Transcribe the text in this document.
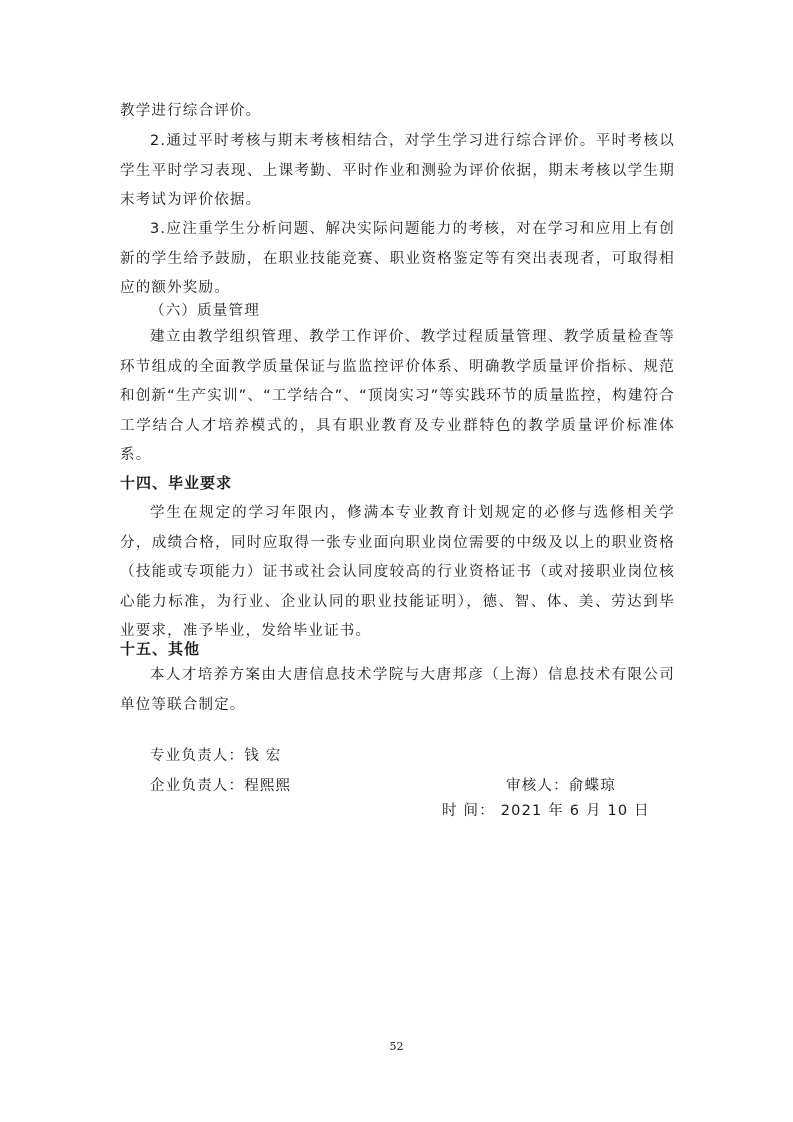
教学进行综合评价。

2.通过平时考核与期末考核相结合，对学生学习进行综合评价。平时考核以学生平时学习表现、上课考勤、平时作业和测验为评价依据，期末考核以学生期末考试为评价依据。

3.应注重学生分析问题、解决实际问题能力的考核，对在学习和应用上有创新的学生给予鼓励，在职业技能竞赛、职业资格鉴定等有突出表现者，可取得相应的额外奖励。

（六）质量管理

建立由教学组织管理、教学工作评价、教学过程质量管理、教学质量检查等环节组成的全面教学质量保证与监监控评价体系、明确教学质量评价指标、规范和创新“生产实训”、“工学结合”、“顶岗实习”等实践环节的质量监控，构建符合工学结合人才培养模式的，具有职业教育及专业群特色的教学质量评价标准体系。

十四、毕业要求

学生在规定的学习年限内，修满本专业教育计划规定的必修与选修相关学分，成绩合格，同时应取得一张专业面向职业岗位需要的中级及以上的职业资格（技能或专项能力）证书或社会认同度较高的行业资格证书（或对接职业岗位核心能力标准，为行业、企业认同的职业技能证明），德、智、体、美、劳达到毕业要求，准予毕业，发给毕业证书。

十五、其他

本人才培养方案由大唐信息技术学院与大唐邦彦（上海）信息技术有限公司单位等联合制定。

专业负责人：钱 宏
企业负责人：程熙熙	审核人：俞蝶琼
时 间： 2021 年 6 月 10 日
52
